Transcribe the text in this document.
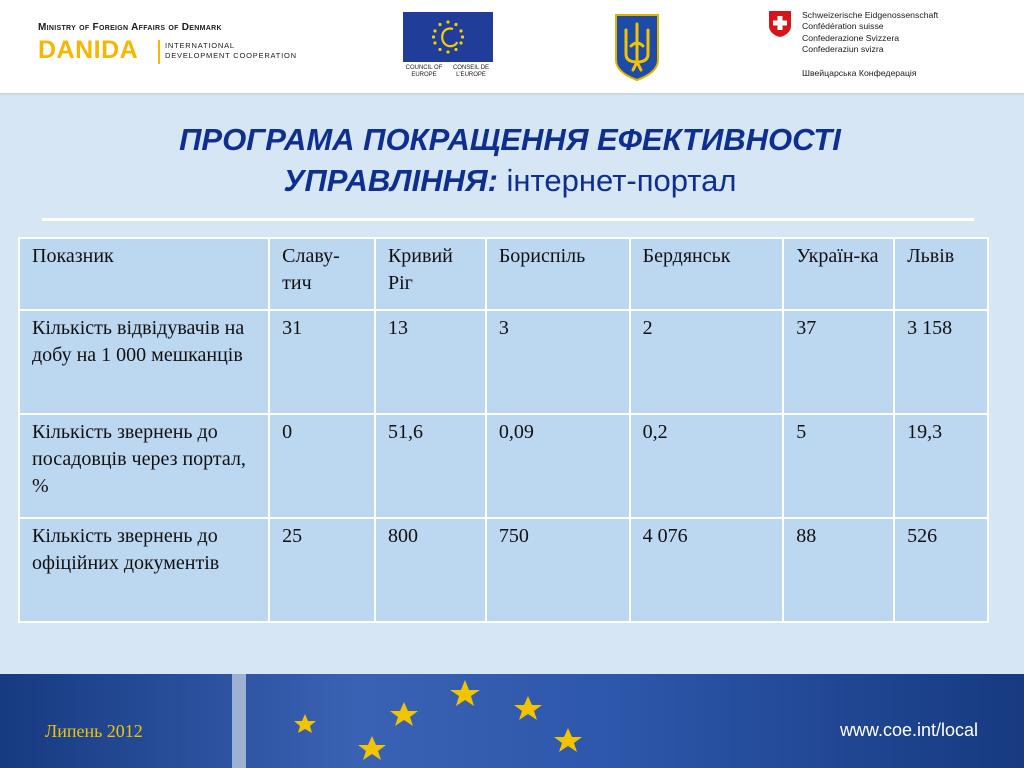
Ministry of Foreign Affairs of Denmark
DANIDA	INTERNATIONAL
DEVELOPMENT COOPERATION
COUNCIL OF EUROPE
CONSEIL DE L'EUROPE
Schweizerische Eidgenossenschaft
Confédération suisse
Confederazione Svizzera
Confederaziun svizra
Швейцарська Конфедерація
ПРОГРАМА ПОКРАЩЕННЯ ЕФЕКТИВНОСТІ
УПРАВЛІННЯ: інтернет-портал
Показник	Славу-тич	Кривий Ріг	Бориспіль	Бердянськ	Україн-ка	Львів
Кількість відвідувачів на добу на 1 000 мешканців	31	13	3	2	37	3 158
Кількість звернень до посадовців через портал, %	0	51,6	0,09	0,2	5	19,3
Кількість звернень до офіційних документів	25	800	750	4 076	88	526
Липень 2012	www.coe.int/local
